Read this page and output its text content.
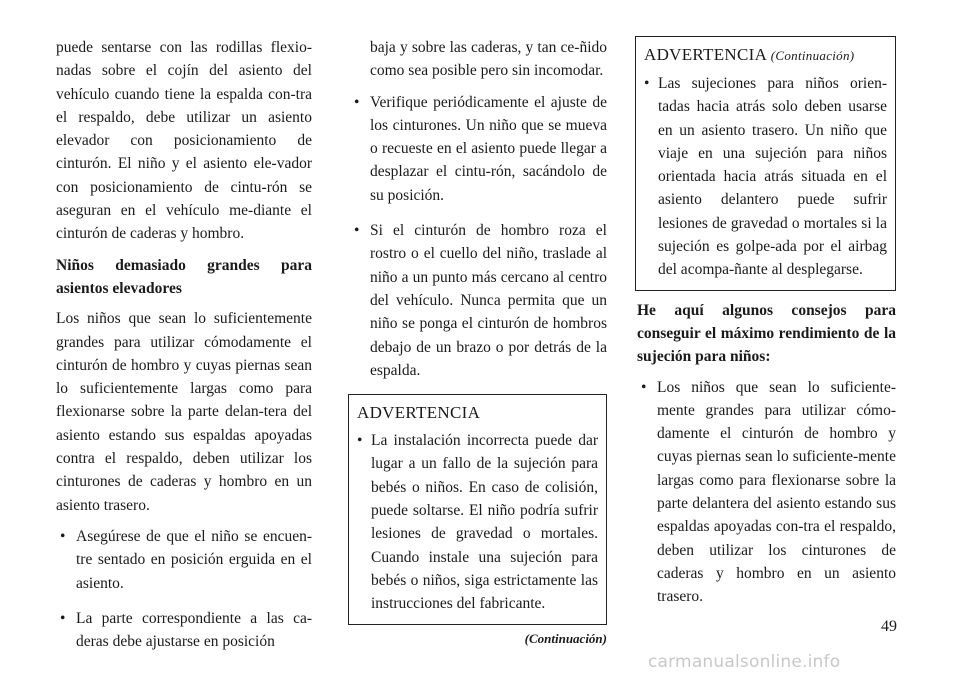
puede sentarse con las rodillas flexio-nadas sobre el cojín del asiento del vehículo cuando tiene la espalda con-tra el respaldo, debe utilizar un asiento elevador con posicionamiento de cinturón. El niño y el asiento ele-vador con posicionamiento de cintu-rón se aseguran en el vehículo me-diante el cinturón de caderas y hombro.

Niños demasiado grandes para asientos elevadores

Los niños que sean lo suficientemente grandes para utilizar cómodamente el cinturón de hombro y cuyas piernas sean lo suficientemente largas como para flexionarse sobre la parte delan-tera del asiento estando sus espaldas apoyadas contra el respaldo, deben utilizar los cinturones de caderas y hombro en un asiento trasero.

• Asegúrese de que el niño se encuen-tre sentado en posición erguida en el asiento.
• La parte correspondiente a las ca-deras debe ajustarse en posición

baja y sobre las caderas, y tan ce-ñido como sea posible pero sin incomodar.

• Verifique periódicamente el ajuste de los cinturones. Un niño que se mueva o recueste en el asiento puede llegar a desplazar el cintu-rón, sacándolo de su posición.
• Si el cinturón de hombro roza el rostro o el cuello del niño, traslade al niño a un punto más cercano al centro del vehículo. Nunca permita que un niño se ponga el cinturón de hombros debajo de un brazo o por detrás de la espalda.
ADVERTENCIA
• La instalación incorrecta puede dar lugar a un fallo de la sujeción para bebés o niños. En caso de colisión, puede soltarse. El niño podría sufrir lesiones de gravedad o mortales. Cuando instale una sujeción para bebés o niños, siga estrictamente las instrucciones del fabricante.
(Continuación)
ADVERTENCIA (Continuación)
• Las sujeciones para niños orien-tadas hacia atrás solo deben usarse en un asiento trasero. Un niño que viaje en una sujeción para niños orientada hacia atrás situada en el asiento delantero puede sufrir lesiones de gravedad o mortales si la sujeción es golpe-ada por el airbag del acompa-ñante al desplegarse.
He aquí algunos consejos para conseguir el máximo rendimiento de la sujeción para niños:
• Los niños que sean lo suficiente-mente grandes para utilizar cómo-damente el cinturón de hombro y cuyas piernas sean lo suficiente-mente largas como para flexionarse sobre la parte delantera del asiento estando sus espaldas apoyadas con-tra el respaldo, deben utilizar los cinturones de caderas y hombro en un asiento trasero.
49
carmanualsonline.info
